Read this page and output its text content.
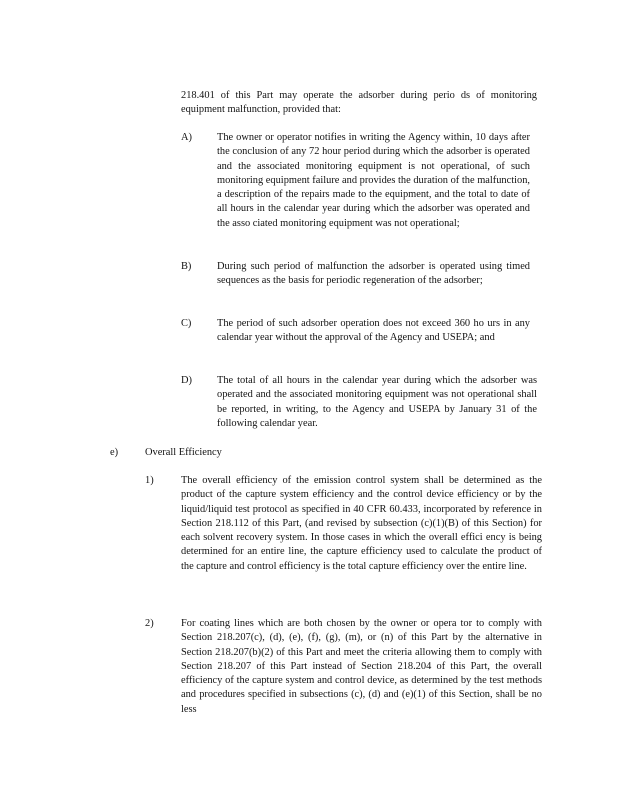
218.401 of this Part may operate the adsorber during perio ds of monitoring equipment malfunction, provided that:
A) The owner or operator notifies in writing the Agency within, 10 days after the conclusion of any 72 hour period during which the adsorber is operated and the associated monitoring equipment is not operational, of such monitoring equipment failure and provides the duration of the malfunction, a description of the repairs made to the equipment, and the total to date of all hours in the calendar year during which the adsorber was operated and the asso ciated monitoring equipment was not operational;
B) During such period of malfunction the adsorber is operated using timed sequences as the basis for periodic regeneration of the adsorber;
C) The period of such adsorber operation does not exceed 360 ho urs in any calendar year without the approval of the Agency and USEPA; and
D) The total of all hours in the calendar year during which the adsorber was operated and the associated monitoring equipment was not operational shall be reported, in writing, to the Agency and USEPA by January 31 of the following calendar year.
e)	Overall Efficiency
1)	The overall efficiency of the emission control system shall be determined as the product of the capture system efficiency and the control device efficiency or by the liquid/liquid test protocol as specified in 40 CFR 60.433, incorporated by reference in Section 218.112 of this Part, (and revised by subsection (c)(1)(B) of this Section) for each solvent recovery system. In those cases in which the overall effici ency is being determined for an entire line, the capture efficiency used to calculate the product of the capture and control efficiency is the total capture efficiency over the entire line.
2)	For coating lines which are both chosen by the owner or opera tor to comply with Section 218.207(c), (d), (e), (f), (g), (m), or (n) of this Part by the alternative in Section 218.207(b)(2) of this Part and meet the criteria allowing them to comply with Section 218.207 of this Part instead of Section 218.204 of this Part, the overall efficiency of the capture system and control device, as determined by the test methods and procedures specified in subsections (c), (d) and (e)(1) of this Section, shall be no less
